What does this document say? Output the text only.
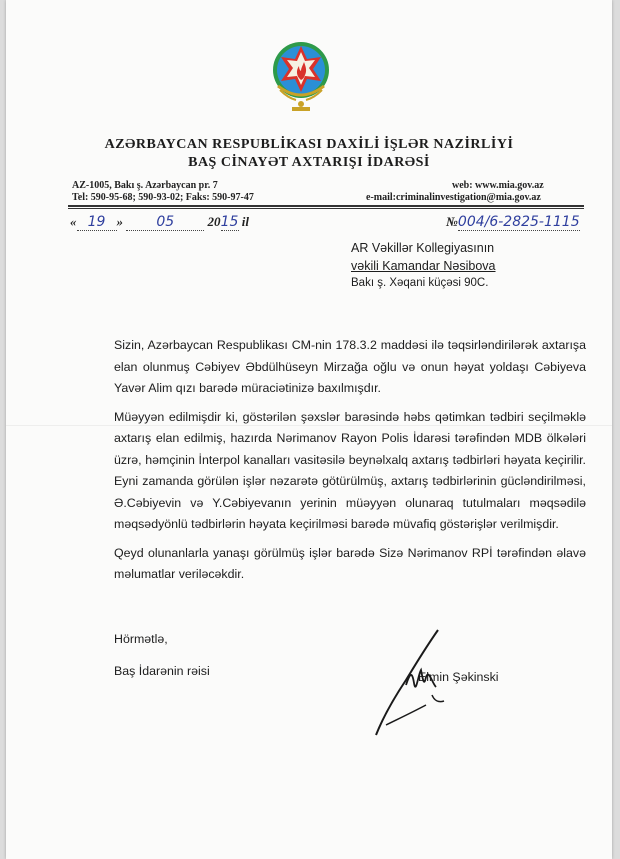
AZƏRBAYCAN RESPUBLİKASI DAXİLİ İŞLƏR NAZİRLİYİ
BAŞ CİNAYƏT AXTARIŞI İDARƏSİ
AZ-1005, Bakı ş. Azərbaycan pr. 7
Tel: 590-95-68; 590-93-02; Faks: 590-97-47
web: www.mia.gov.az
e-mail:criminalinvestigation@mia.gov.az
« 19 » 05	2015 il	№004/6-2825-1115
AR Vəkillər Kollegiyasının
vəkili Kamandar Nəsibova
Bakı ş. Xəqani küçəsi 90C.

Sizin, Azərbaycan Respublikası CM-nin 178.3.2 maddəsi ilə təqsirləndirilərək axtarışa elan olunmuş Cəbiyev Əbdülhüseyn Mirzağa oğlu və onun həyat yoldaşı Cəbiyeva Yavər Alim qızı barədə müraciətinizə baxılmışdır.

Müəyyən edilmişdir ki, göstərilən şəxslər barəsində həbs qətimkan tədbiri seçilməklə axtarış elan edilmiş, hazırda Nərimanov Rayon Polis İdarəsi tərəfindən MDB ölkələri üzrə, həmçinin İnterpol kanalları vasitəsilə beynəlxalq axtarış tədbirləri həyata keçirilir. Eyni zamanda görülən işlər nəzarətə götürülmüş, axtarış tədbirlərinin gücləndirilməsi, Ə.Cəbiyevin və Y.Cəbiyevanın yerinin müəyyən olunaraq tutulmaları məqsədilə məqsədyönlü tədbirlərin həyata keçirilməsi barədə müvafiq göstərişlər verilmişdir.

Qeyd olunanlarla yanaşı görülmüş işlər barədə Sizə Nərimanov RPİ tərəfindən əlavə məlumatlar veriləcəkdir.

Hörmətlə,
Baş İdarənin rəisi	Elmin Şəkinski
